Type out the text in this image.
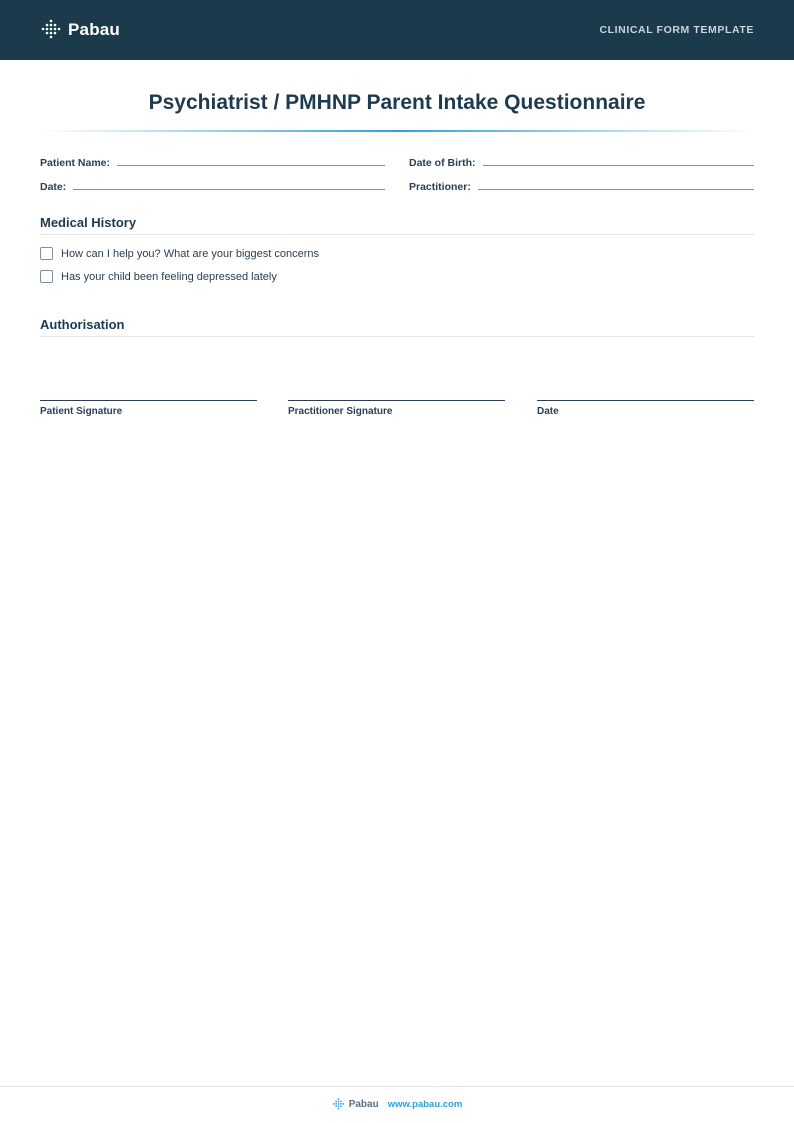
Pabau	CLINICAL FORM TEMPLATE
Psychiatrist / PMHNP Parent Intake Questionnaire
Patient Name:	Date of Birth:
Date:	Practitioner:
Medical History
How can I help you? What are your biggest concerns
Has your child been feeling depressed lately
Authorisation
Patient Signature	Practitioner Signature	Date
Pabau www.pabau.com
